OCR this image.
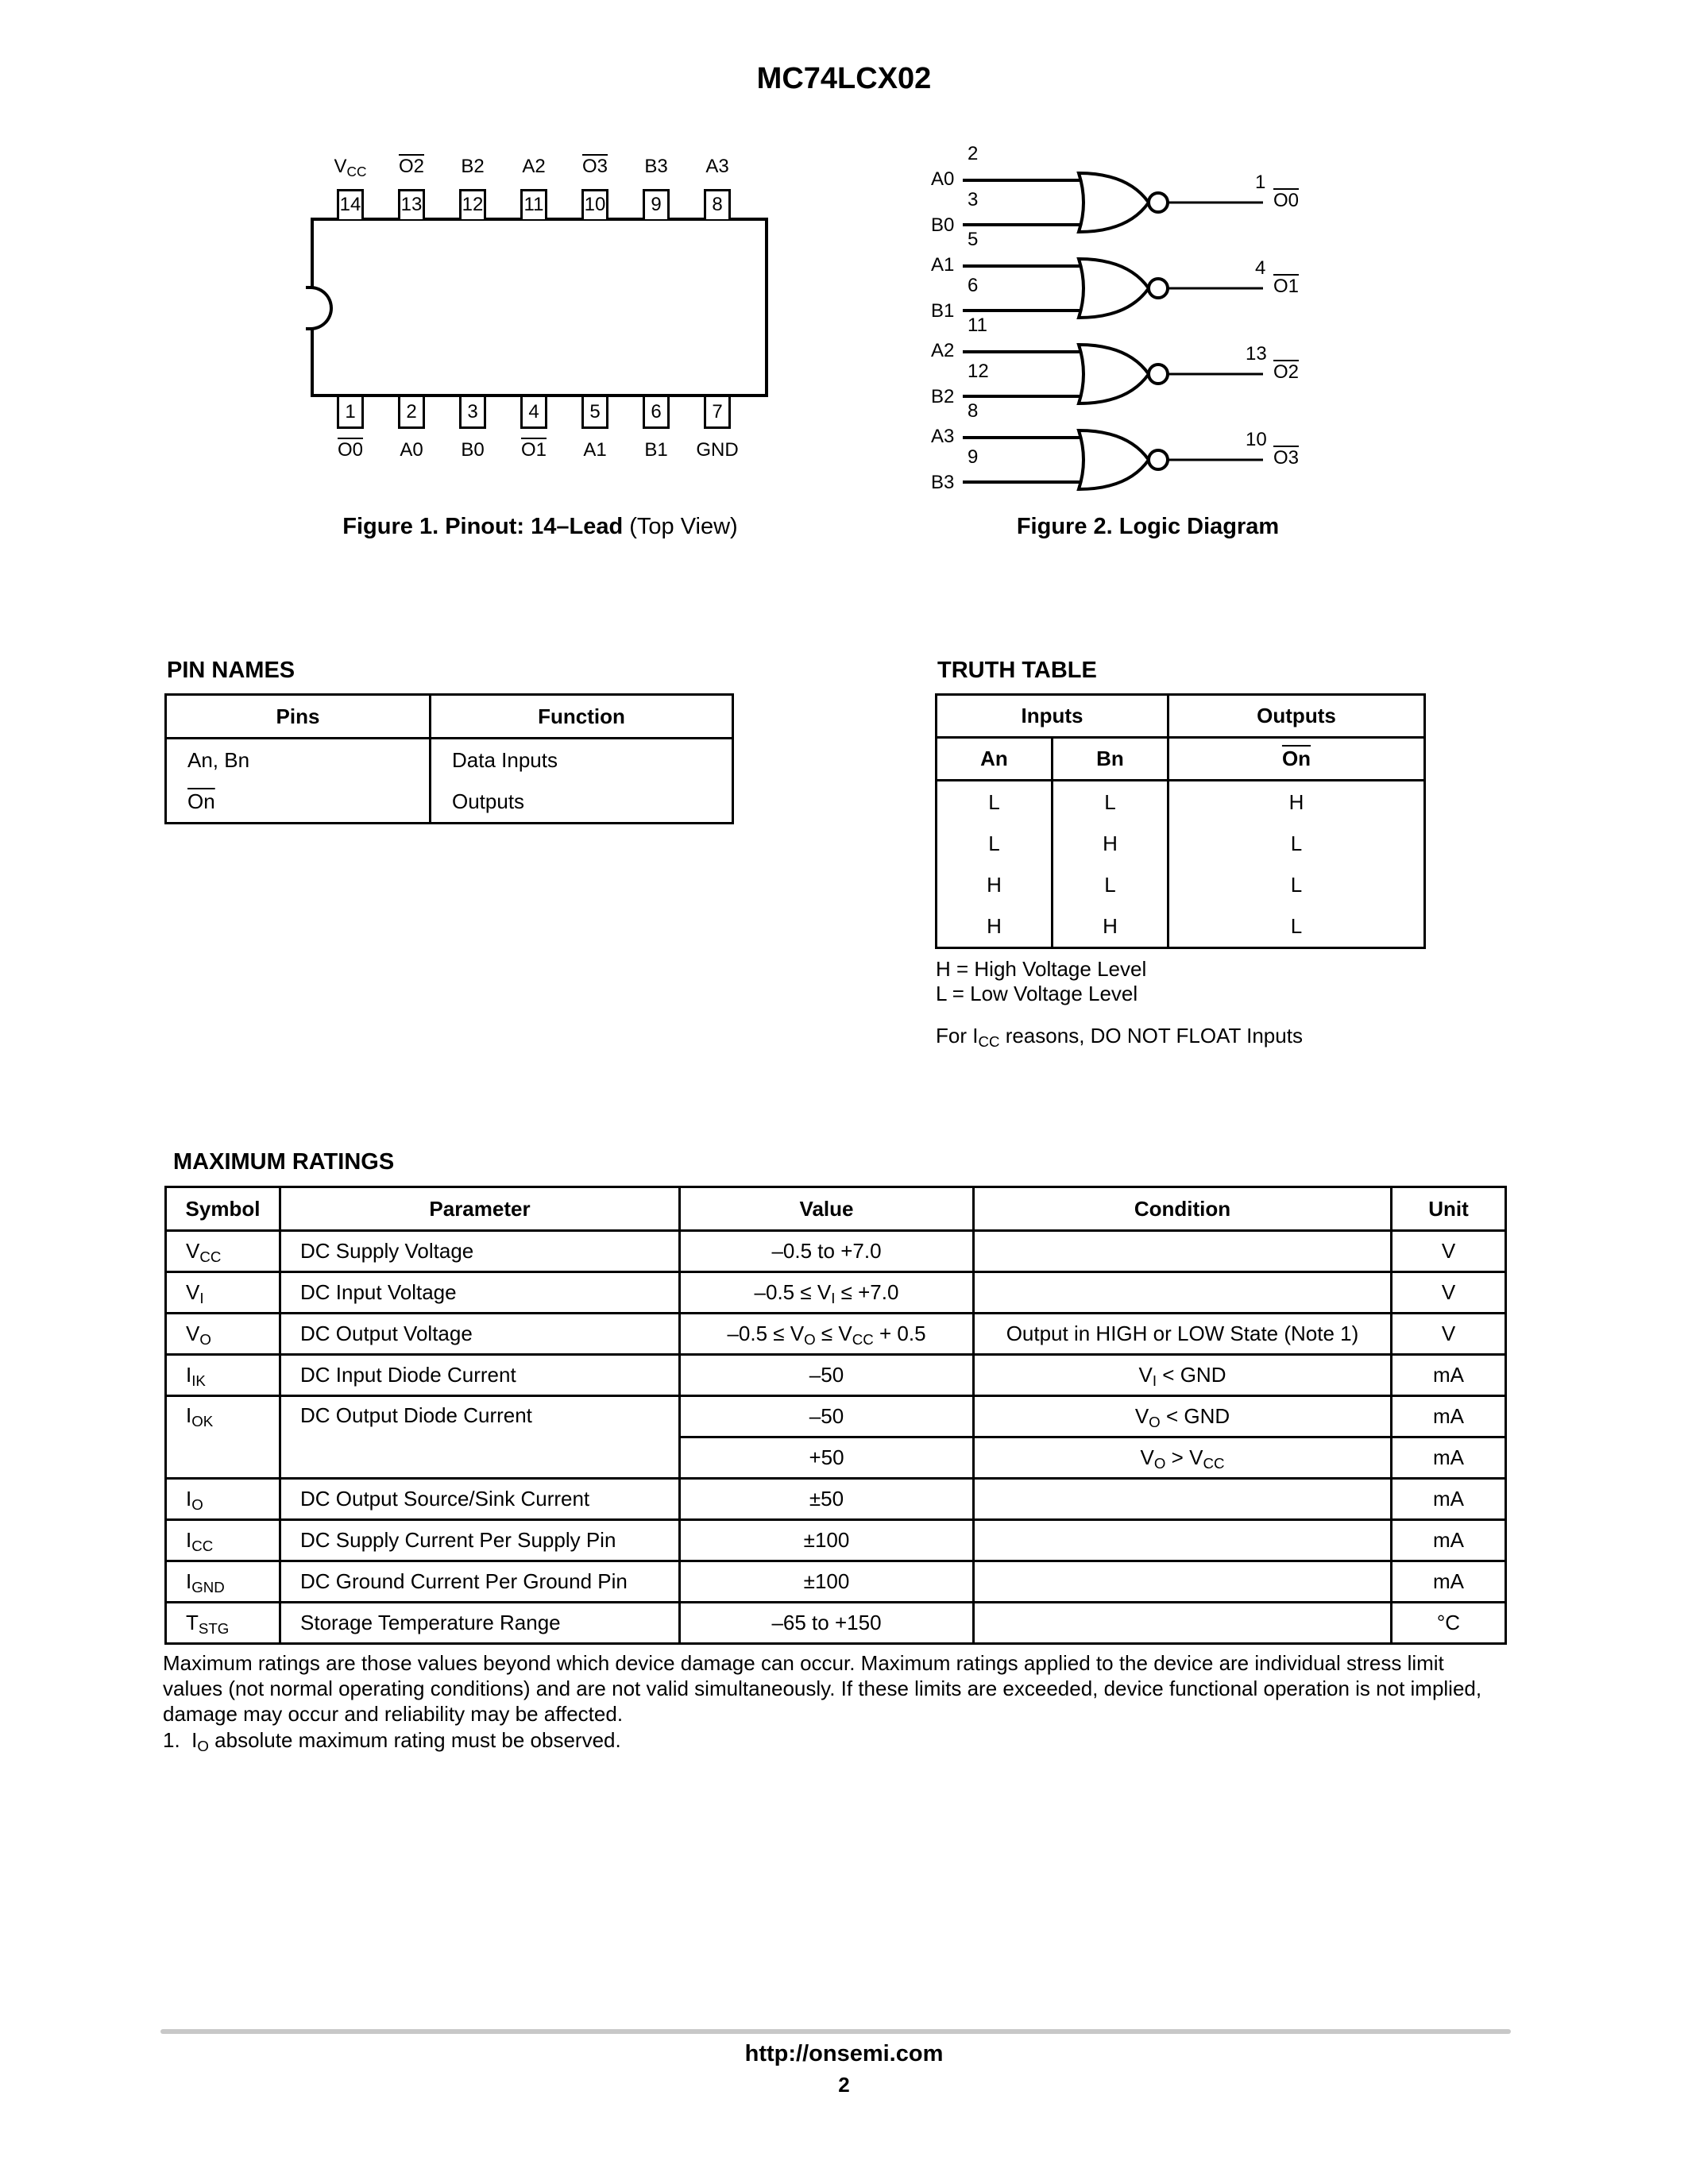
MC74LCX02
14
$V_{CC}$
13
O2
12
B2
11
A2
10
O3
9
B3
8
A3
1
O0
2
A0
3
B0
4
O1
5
A1
6
B1
7
GND
Figure 1. Pinout: 14–Lead (Top View)
A0
2
B0
3
1
O0
A1
5
B1
6
4
O1
A2
11
B2
12
13
O2
A3
8
B3
9
10
O3
Figure 2. Logic Diagram
PIN NAMES
Pins	Function
An, Bn	Data Inputs
$\overline{On}$	Outputs
TRUTH TABLE
Inputs		Outputs
An	Bn	$\overline{On}$
L	L	H
L	H	L
H	L	L
H	H	L
H = High Voltage Level
L = Low Voltage Level
For $I_{CC}$ reasons, DO NOT FLOAT Inputs
MAXIMUM RATINGS
Symbol	Parameter	Value	Condition	Unit
$V_{CC}$	DC Supply Voltage	–0.5 to +7.0		V
$V_I$	DC Input Voltage	$-0.5 \le V_I \le +7.0$		V
$V_O$	DC Output Voltage	$-0.5 \le V_O \le V_{CC} + 0.5$	Output in HIGH or LOW State (Note 1)	V
$I_{IK}$	DC Input Diode Current	–50	$V_I$ < GND	mA
$I_{OK}$	DC Output Diode Current	–50	$V_O$ < GND	mA
		+50	$V_O > V_{CC}$	mA
$I_O$	DC Output Source/Sink Current	±50		mA
$I_{CC}$	DC Supply Current Per Supply Pin	±100		mA
$I_{GND}$	DC Ground Current Per Ground Pin	±100		mA
$T_{STG}$	Storage Temperature Range	–65 to +150		°C
Maximum ratings are those values beyond which device damage can occur. Maximum ratings applied to the device are individual stress limit values (not normal operating conditions) and are not valid simultaneously. If these limits are exceeded, device functional operation is not implied, damage may occur and reliability may be affected.
1.  $I_O$ absolute maximum rating must be observed.
http://onsemi.com
2
